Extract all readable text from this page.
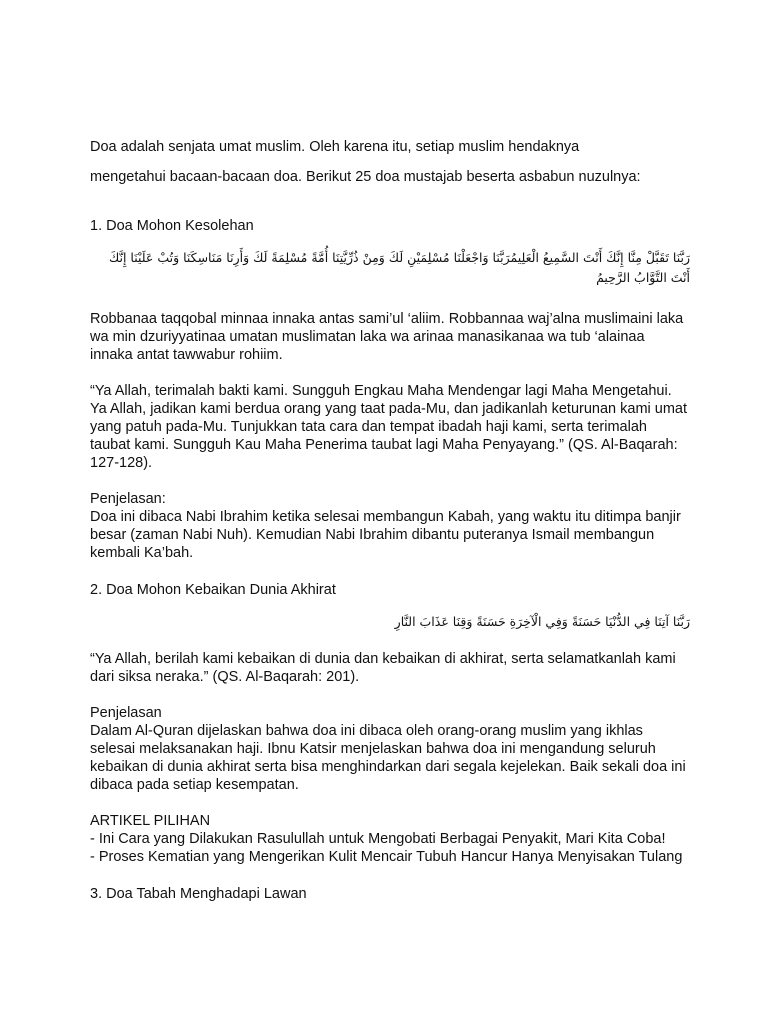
Doa adalah senjata umat muslim. Oleh karena itu, setiap muslim hendaknya

mengetahui bacaan-bacaan doa. Berikut 25 doa mustajab beserta asbabun nuzulnya:

1. Doa Mohon Kesolehan

رَبَّنَا تَقَبَّلْ مِنَّا إِنَّكَ أَنْتَ السَّمِيعُ الْعَلِيمُرَبَّنَا وَاجْعَلْنَا مُسْلِمَيْنِ لَكَ وَمِنْ ذُرِّيَّتِنَا أُمَّةً مُسْلِمَةً لَكَ وَأَرِنَا مَنَاسِكَنَا وَتُبْ عَلَيْنَا إِنَّكَ أَنْتَ التَّوَّابُ الرَّحِيمُ

Robbanaa taqqobal minnaa innaka antas sami’ul ‘aliim. Robbannaa waj’alna muslimaini laka wa min dzuriyyatinaa umatan muslimatan laka wa arinaa manasikanaa wa tub ‘alainaa innaka antat tawwabur rohiim.

“Ya Allah, terimalah bakti kami. Sungguh Engkau Maha Mendengar lagi Maha Mengetahui. Ya Allah, jadikan kami berdua orang yang taat pada-Mu, dan jadikanlah keturunan kami umat yang patuh pada-Mu. Tunjukkan tata cara dan tempat ibadah haji kami, serta terimalah taubat kami. Sungguh Kau Maha Penerima taubat lagi Maha Penyayang.” (QS. Al-Baqarah: 127-128).

Penjelasan:

Doa ini dibaca Nabi Ibrahim ketika selesai membangun Kabah, yang waktu itu ditimpa banjir besar (zaman Nabi Nuh). Kemudian Nabi Ibrahim dibantu puteranya Ismail membangun kembali Ka’bah.

2. Doa Mohon Kebaikan Dunia Akhirat

رَبَّنَا آتِنَا فِي الدُّنْيَا حَسَنَةً وَفِي الْآخِرَةِ حَسَنَةً وَقِنَا عَذَابَ النَّارِ

“Ya Allah, berilah kami kebaikan di dunia dan kebaikan di akhirat, serta selamatkanlah kami dari siksa neraka.” (QS. Al-Baqarah: 201).

Penjelasan

Dalam Al-Quran dijelaskan bahwa doa ini dibaca oleh orang-orang muslim yang ikhlas selesai melaksanakan haji. Ibnu Katsir menjelaskan bahwa doa ini mengandung seluruh kebaikan di dunia akhirat serta bisa menghindarkan dari segala kejelekan. Baik sekali doa ini dibaca pada setiap kesempatan.

ARTIKEL PILIHAN

- Ini Cara yang Dilakukan Rasulullah untuk Mengobati Berbagai Penyakit, Mari Kita Coba!
- Proses Kematian yang Mengerikan Kulit Mencair Tubuh Hancur Hanya Menyisakan Tulang

3. Doa Tabah Menghadapi Lawan
